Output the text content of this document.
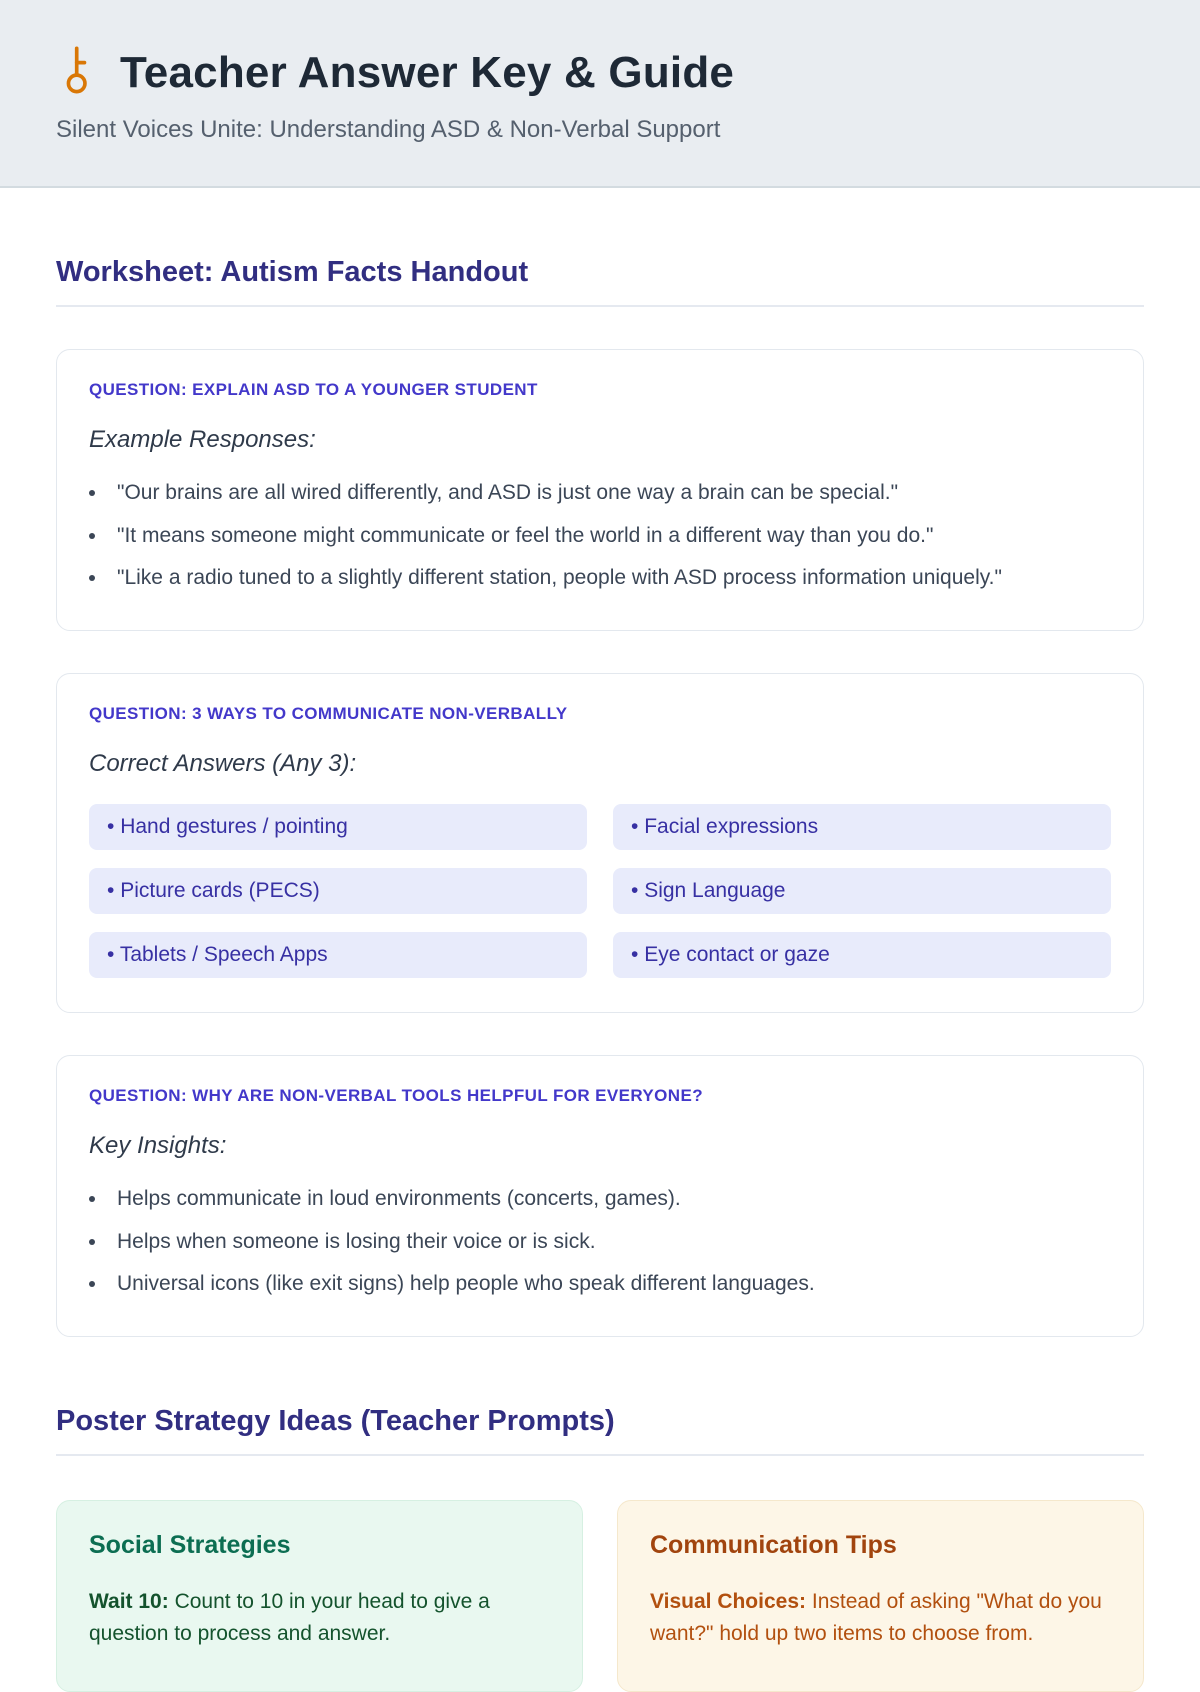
Teacher Answer Key & Guide

Silent Voices Unite: Understanding ASD & Non-Verbal Support

Worksheet: Autism Facts Handout
QUESTION: EXPLAIN ASD TO A YOUNGER STUDENT

Example Responses:

• "Our brains are all wired differently, and ASD is just one way a brain can be special."
• "It means someone might communicate or feel the world in a different way than you do."
• "Like a radio tuned to a slightly different station, people with ASD process information uniquely."
QUESTION: 3 WAYS TO COMMUNICATE NON-VERBALLY

Correct Answers (Any 3):

• Hand gestures / pointing	• Facial expressions
• Picture cards (PECS)	• Sign Language
• Tablets / Speech Apps	• Eye contact or gaze
QUESTION: WHY ARE NON-VERBAL TOOLS HELPFUL FOR EVERYONE?

Key Insights:

• Helps communicate in loud environments (concerts, games).
• Helps when someone is losing their voice or is sick.
• Universal icons (like exit signs) help people who speak different languages.
Poster Strategy Ideas (Teacher Prompts)
Social Strategies

Wait 10: Count to 10 in your head to give a question to process and answer.

Communication Tips

Visual Choices: Instead of asking "What do you want?" hold up two items to choose from.
